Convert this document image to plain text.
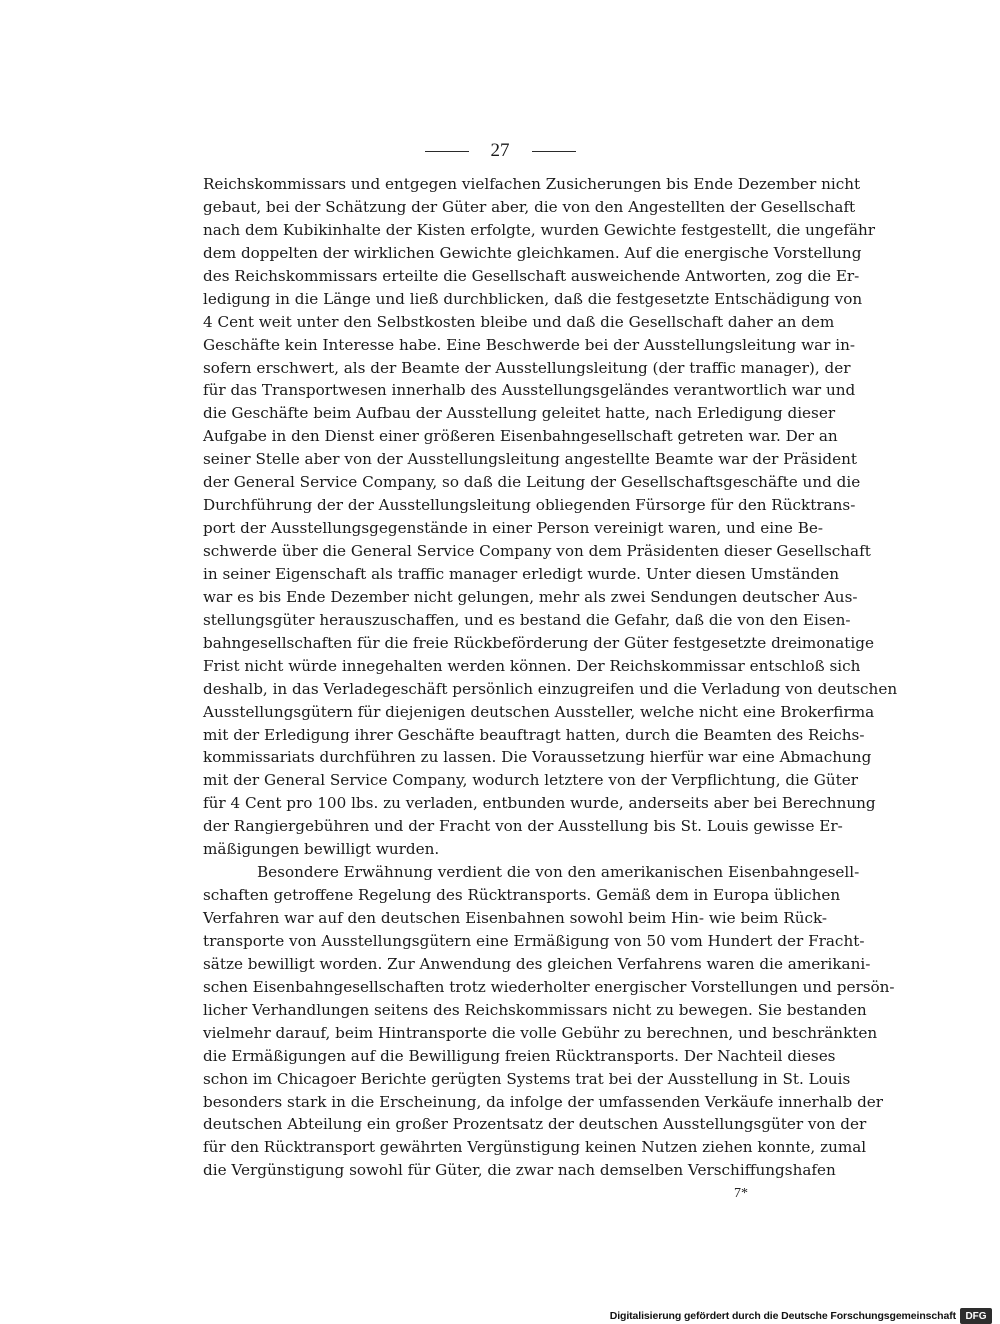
27
Reichskommissars und entgegen vielfachen Zusicherungen bis Ende Dezember nicht
gebaut, bei der Schätzung der Güter aber, die von den Angestellten der Gesellschaft
nach dem Kubikinhalte der Kisten erfolgte, wurden Gewichte festgestellt, die ungefähr
dem doppelten der wirklichen Gewichte gleichkamen. Auf die energische Vorstellung
des Reichskommissars erteilte die Gesellschaft ausweichende Antworten, zog die Er-
ledigung in die Länge und ließ durchblicken, daß die festgesetzte Entschädigung von
4 Cent weit unter den Selbstkosten bleibe und daß die Gesellschaft daher an dem
Geschäfte kein Interesse habe. Eine Beschwerde bei der Ausstellungsleitung war in-
sofern erschwert, als der Beamte der Ausstellungsleitung (der traffic manager), der
für das Transportwesen innerhalb des Ausstellungsgeländes verantwortlich war und
die Geschäfte beim Aufbau der Ausstellung geleitet hatte, nach Erledigung dieser
Aufgabe in den Dienst einer größeren Eisenbahngesellschaft getreten war. Der an
seiner Stelle aber von der Ausstellungsleitung angestellte Beamte war der Präsident
der General Service Company, so daß die Leitung der Gesellschaftsgeschäfte und die
Durchführung der der Ausstellungsleitung obliegenden Fürsorge für den Rücktrans-
port der Ausstellungsgegenstände in einer Person vereinigt waren, und eine Be-
schwerde über die General Service Company von dem Präsidenten dieser Gesellschaft
in seiner Eigenschaft als traffic manager erledigt wurde. Unter diesen Umständen
war es bis Ende Dezember nicht gelungen, mehr als zwei Sendungen deutscher Aus-
stellungsgüter herauszuschaffen, und es bestand die Gefahr, daß die von den Eisen-
bahngesellschaften für die freie Rückbeförderung der Güter festgesetzte dreimonatige
Frist nicht würde innegehalten werden können. Der Reichskommissar entschloß sich
deshalb, in das Verladegeschäft persönlich einzugreifen und die Verladung von deutschen
Ausstellungsgütern für diejenigen deutschen Aussteller, welche nicht eine Brokerfirma
mit der Erledigung ihrer Geschäfte beauftragt hatten, durch die Beamten des Reichs-
kommissariats durchführen zu lassen. Die Voraussetzung hierfür war eine Abmachung
mit der General Service Company, wodurch letztere von der Verpflichtung, die Güter
für 4 Cent pro 100 lbs. zu verladen, entbunden wurde, anderseits aber bei Berechnung
der Rangiergebühren und der Fracht von der Ausstellung bis St. Louis gewisse Er-
mäßigungen bewilligt wurden.
Besondere Erwähnung verdient die von den amerikanischen Eisenbahngesell-
schaften getroffene Regelung des Rücktransports. Gemäß dem in Europa üblichen
Verfahren war auf den deutschen Eisenbahnen sowohl beim Hin- wie beim Rück-
transporte von Ausstellungsgütern eine Ermäßigung von 50 vom Hundert der Fracht-
sätze bewilligt worden. Zur Anwendung des gleichen Verfahrens waren die amerikani-
schen Eisenbahngesellschaften trotz wiederholter energischer Vorstellungen und persön-
licher Verhandlungen seitens des Reichskommissars nicht zu bewegen. Sie bestanden
vielmehr darauf, beim Hintransporte die volle Gebühr zu berechnen, und beschränkten
die Ermäßigungen auf die Bewilligung freien Rücktransports. Der Nachteil dieses
schon im Chicagoer Berichte gerügten Systems trat bei der Ausstellung in St. Louis
besonders stark in die Erscheinung, da infolge der umfassenden Verkäufe innerhalb der
deutschen Abteilung ein großer Prozentsatz der deutschen Ausstellungsgüter von der
für den Rücktransport gewährten Vergünstigung keinen Nutzen ziehen konnte, zumal
die Vergünstigung sowohl für Güter, die zwar nach demselben Verschiffungshafen
7*
Digitalisierung gefördert durch die Deutsche Forschungsgemeinschaft DFG
